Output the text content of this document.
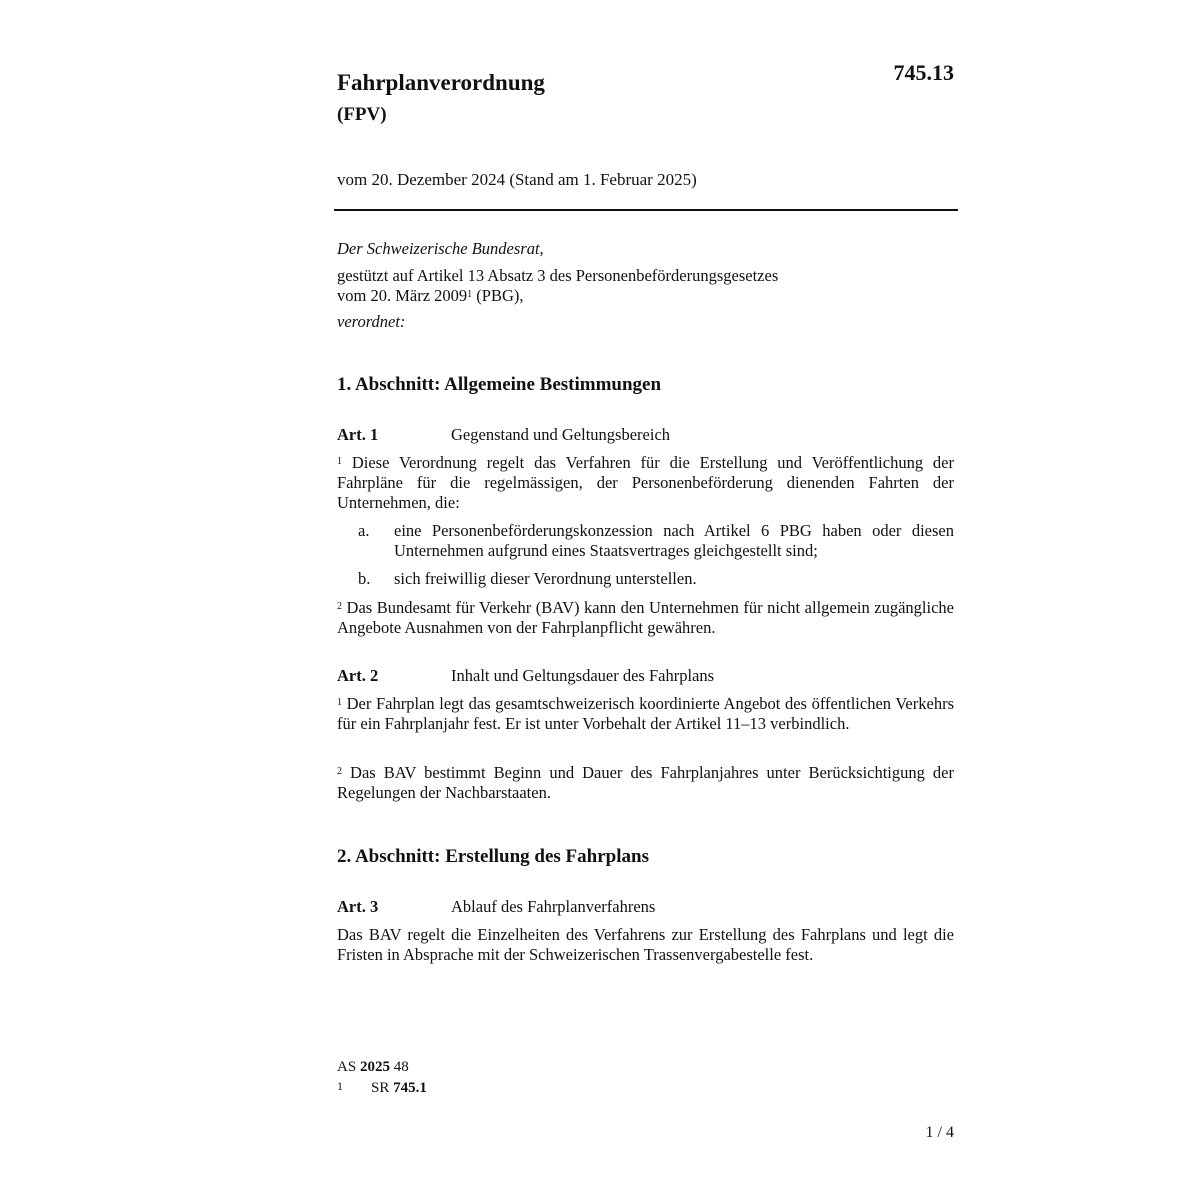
Fahrplanverordnung
(FPV)
745.13
vom 20. Dezember 2024 (Stand am 1. Februar 2025)
Der Schweizerische Bundesrat,
gestützt auf Artikel 13 Absatz 3 des Personenbeförderungsgesetzes
vom 20. März 2009$^1$ (PBG),
verordnet:
1. Abschnitt: Allgemeine Bestimmungen
Art. 1	Gegenstand und Geltungsbereich
$^1$ Diese Verordnung regelt das Verfahren für die Erstellung und Veröffentlichung der Fahrpläne für die regelmässigen, der Personenbeförderung dienenden Fahrten der Unternehmen, die:
a. eine Personenbeförderungskonzession nach Artikel 6 PBG haben oder diesen Unternehmen aufgrund eines Staatsvertrages gleichgestellt sind;
b. sich freiwillig dieser Verordnung unterstellen.
$^2$ Das Bundesamt für Verkehr (BAV) kann den Unternehmen für nicht allgemein zugängliche Angebote Ausnahmen von der Fahrplanpflicht gewähren.
Art. 2	Inhalt und Geltungsdauer des Fahrplans
$^1$ Der Fahrplan legt das gesamtschweizerisch koordinierte Angebot des öffentlichen Verkehrs für ein Fahrplanjahr fest. Er ist unter Vorbehalt der Artikel 11–13 verbindlich.
$^2$ Das BAV bestimmt Beginn und Dauer des Fahrplanjahres unter Berücksichtigung der Regelungen der Nachbarstaaten.
2. Abschnitt: Erstellung des Fahrplans
Art. 3	Ablauf des Fahrplanverfahrens
Das BAV regelt die Einzelheiten des Verfahrens zur Erstellung des Fahrplans und legt die Fristen in Absprache mit der Schweizerischen Trassenvergabestelle fest.
AS 2025 48
1 SR 745.1
1 / 4
